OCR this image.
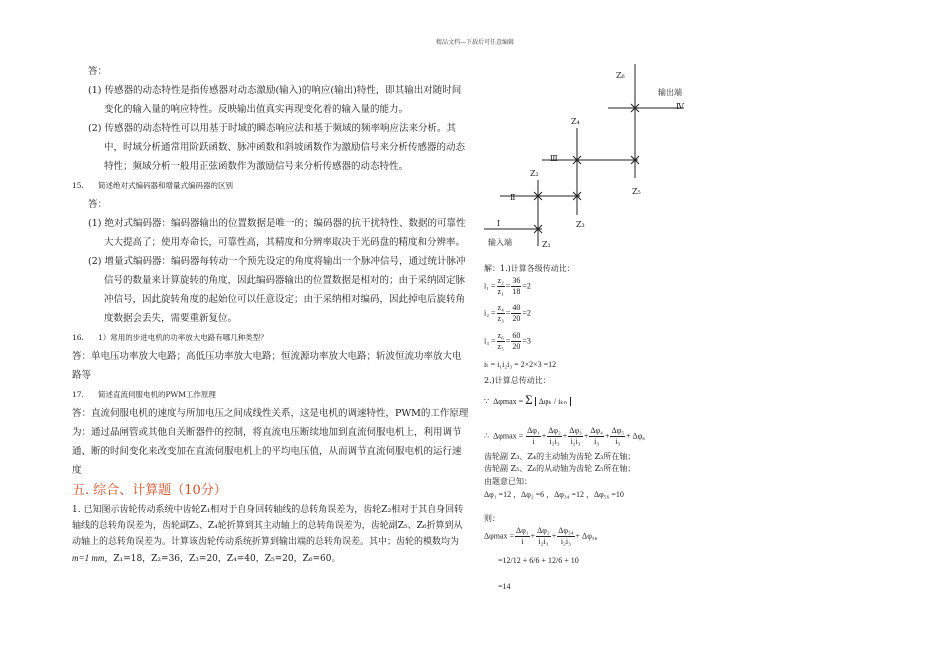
精品文档---下载后可任意编辑

答：

(1) 传感器的动态特性是指传感器对动态激励(输入)的响应(输出)特性，即其输出对随时间变化的输入量的响应特性。反映输出值真实再现变化着的输入量的能力。

(2) 传感器的动态特性可以用基于时域的瞬态响应法和基于频域的频率响应法来分析。其中，时域分析通常用阶跃函数、脉冲函数和斜坡函数作为激励信号来分析传感器的动态特性；频域分析一般用正弦函数作为激励信号来分析传感器的动态特性。

15. 简述绝对式编码器和增量式编码器的区别

答：

(1) 绝对式编码器：编码器输出的位置数据是唯一的；编码器的抗干扰特性、数据的可靠性大大提高了；使用寿命长，可靠性高，其精度和分辨率取决于光码盘的精度和分辨率。

(2) 增量式编码器：编码器每转动一个预先设定的角度将输出一个脉冲信号，通过统计脉冲信号的数量来计算旋转的角度，因此编码器输出的位置数据是相对的；由于采纳固定脉冲信号，因此旋转角度的起始位可以任意设定；由于采纳相对编码，因此掉电后旋转角度数据会丢失，需要重新复位。

16. 1）常用的步进电机的功率放大电路有哪几种类型？

答：单电压功率放大电路；高低压功率放大电路；恒流源功率放大电路；斩波恒流功率放大电路等

17. 简述直流伺服电机的PWM工作原理

答：直流伺服电机的速度与所加电压之间成线性关系，这是电机的调速特性，PWM的工作原理为：通过晶闸管或其他自关断器件的控制，将直流电压断续地加到直流伺服电机上，利用调节通、断的时间变化来改变加在直流伺服电机上的平均电压值，从而调节直流伺服电机的运行速度

五. 综合、计算题（10分）

1. 已知图示齿轮传动系统中齿轮Z₁相对于自身回转轴线的总转角误差为，齿轮Z₂相对于其自身回转轴线的总转角误差为，齿轮副Z₃、Z₄轮折算到其主动轴上的总转角误差为，齿轮副Z₅、Z₆折算到从动轴上的总转角误差为。计算该齿轮传动系统折算到输出端的总转角误差。其中；齿轮的模数均为m=1 mm，Z₁=18，Z₂=36，Z₃=20，Z₄=40，Z₅=20，Z₆=60。

Z₆
输出端
Ⅳ
Z₄
Ⅲ
Z₂
Z₅
Ⅱ
Z₃
I
输入端	Z₁
解：1.)计算各级传动比：
$i_1 = \frac{\text{z₂}}{\text{z₁}} = \frac{36}{18} =2$
$i_2 = \frac{\text{z₄}}{\text{z₃}} = \frac{40}{20} =2$
$i_3 = \frac{\text{z₆}}{\text{z₅}} = \frac{60}{20} =3$
iₜ = i₁i₂i₃ = 2×2×3 =12
2.)计算总传动比：
∵ Δφmax = Σ Δφₖ / iₖₙ
∴ $\Delta\varphi\max = \frac{\text{Δφ₁}}{i} + \frac{\text{Δφ₂}}{\text{i₂i₃}} + \frac{\text{Δφ₃}}{\text{i₂i₃}} + \frac{\text{Δφ₄}}{\text{i₃}} + \frac{\text{Δφ₅}}{\text{i₃}} + \Delta\varphi_6$
齿轮副 Z₃、Z₄的主动轴为齿轮 Z₃所在轴；
齿轮副 Z₅、Z₆的从动轴为齿轮 Z₅所在轴；
由题意已知：
Δφ₁ =12 ，Δφ₂ =6 ，Δφ₃₄ =12 ，Δφ₅₆ =10
则：
$\Delta\varphi\max = \frac{\text{Δφ₁}}{i} + \frac{\text{Δφ₂}}{\text{i₂i₃}} + \frac{\text{Δφ₃₄}}{\text{i₂i₃}} + \Delta\varphi_{56}$
=12/12 + 6/6 + 12/6 + 10
=14
